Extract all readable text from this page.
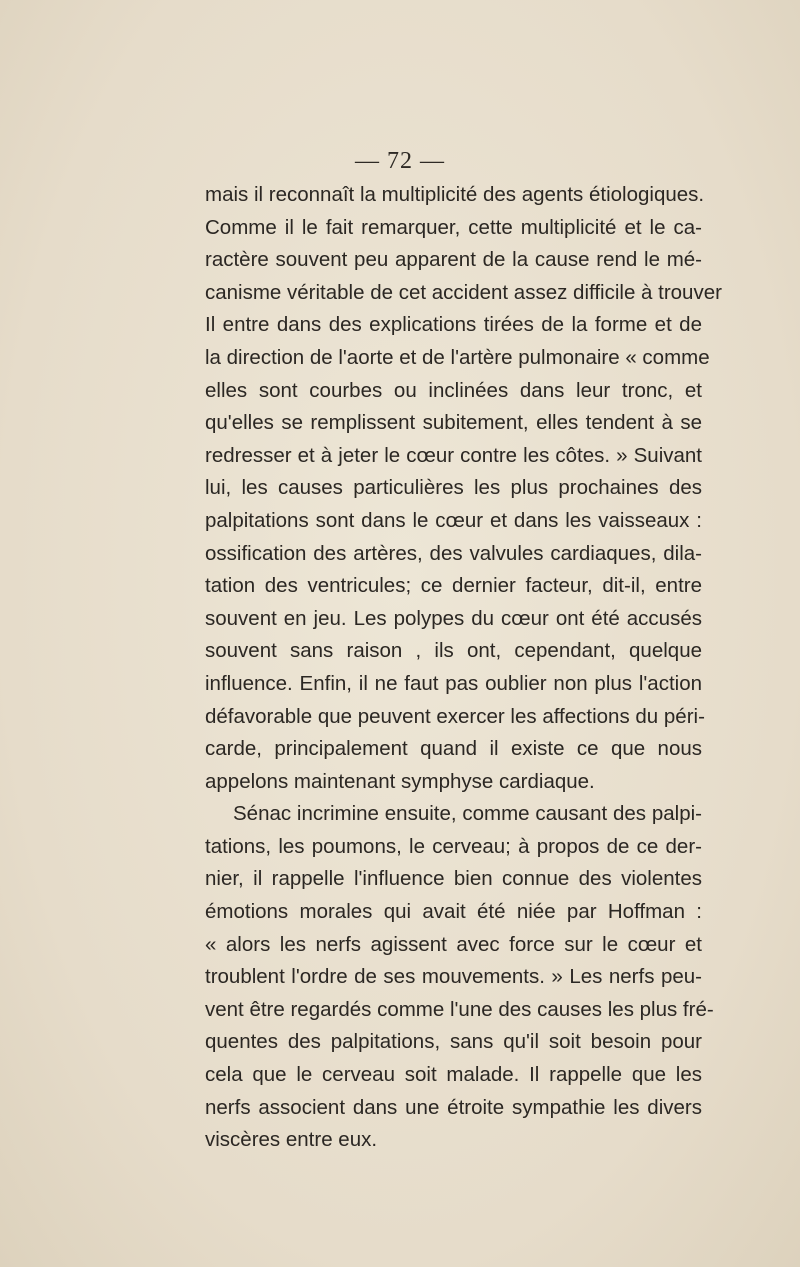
— 72 —
mais il reconnaît la multiplicité des agents étiologiques.
Comme il le fait remarquer, cette multiplicité et le ca-
ractère souvent peu apparent de la cause rend le mé-
canisme véritable de cet accident assez difficile à trouver
Il entre dans des explications tirées de la forme et de
la direction de l'aorte et de l'artère pulmonaire « comme
elles sont courbes ou inclinées dans leur tronc, et
qu'elles se remplissent subitement, elles tendent à se
redresser et à jeter le cœur contre les côtes. » Suivant
lui, les causes particulières les plus prochaines des
palpitations sont dans le cœur et dans les vaisseaux :
ossification des artères, des valvules cardiaques, dila-
tation des ventricules; ce dernier facteur, dit-il, entre
souvent en jeu. Les polypes du cœur ont été accusés
souvent sans raison , ils ont, cependant, quelque
influence. Enfin, il ne faut pas oublier non plus l'action
défavorable que peuvent exercer les affections du péri-
carde, principalement quand il existe ce que nous
appelons maintenant symphyse cardiaque.
Sénac incrimine ensuite, comme causant des palpi-
tations, les poumons, le cerveau; à propos de ce der-
nier, il rappelle l'influence bien connue des violentes
émotions morales qui avait été niée par Hoffman :
« alors les nerfs agissent avec force sur le cœur et
troublent l'ordre de ses mouvements. » Les nerfs peu-
vent être regardés comme l'une des causes les plus fré-
quentes des palpitations, sans qu'il soit besoin pour
cela que le cerveau soit malade. Il rappelle que les
nerfs associent dans une étroite sympathie les divers
viscères entre eux.
